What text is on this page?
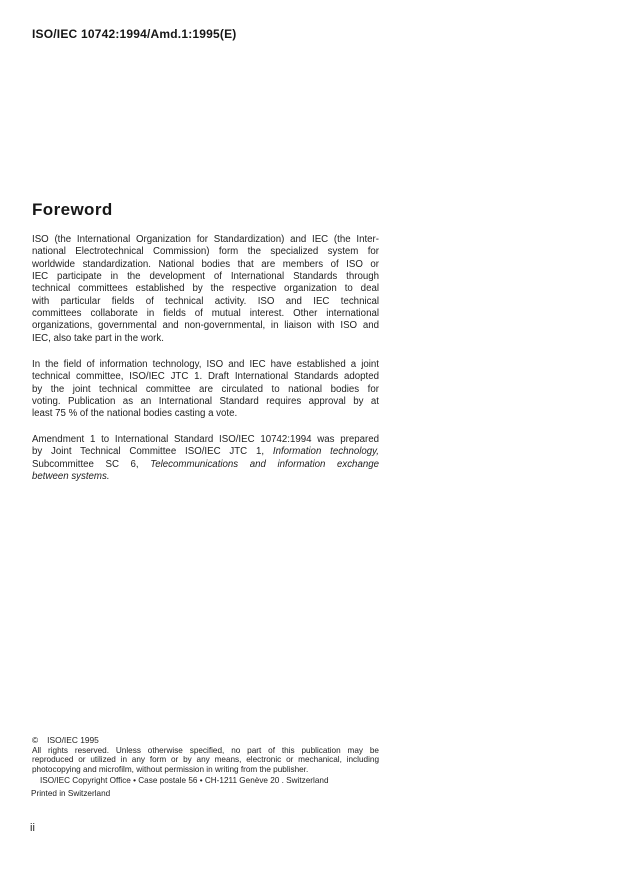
ISO/IEC 10742:1994/Amd.1:1995(E)
Foreword
ISO (the International Organization for Standardization) and IEC (the Inter-
national Electrotechnical Commission) form the specialized system for
worldwide standardization. National bodies that are members of ISO or
IEC participate in the development of International Standards through
technical committees established by the respective organization to deal
with particular fields of technical activity. ISO and IEC technical
committees collaborate in fields of mutual interest. Other international
organizations, governmental and non-governmental, in liaison with ISO and
IEC, also take part in the work.
In the field of information technology, ISO and IEC have established a joint
technical committee, ISO/IEC JTC 1. Draft International Standards adopted
by the joint technical committee are circulated to national bodies for
voting. Publication as an International Standard requires approval by at
least 75 % of the national bodies casting a vote.
Amendment 1 to International Standard ISO/IEC 10742:1994 was prepared
by Joint Technical Committee ISO/IEC JTC 1, Information technology,
Subcommittee SC 6, Telecommunications and information exchange
between systems.
© ISO/IEC 1995
All rights reserved. Unless otherwise specified, no part of this publication may be
reproduced or utilized in any form or by any means, electronic or mechanical, including
photocopying and microfilm, without permission in writing from the publisher.
ISO/IEC Copyright Office • Case postale 56 • CH-1211 Genève 20 . Switzerland
Printed in Switzerland
ii
